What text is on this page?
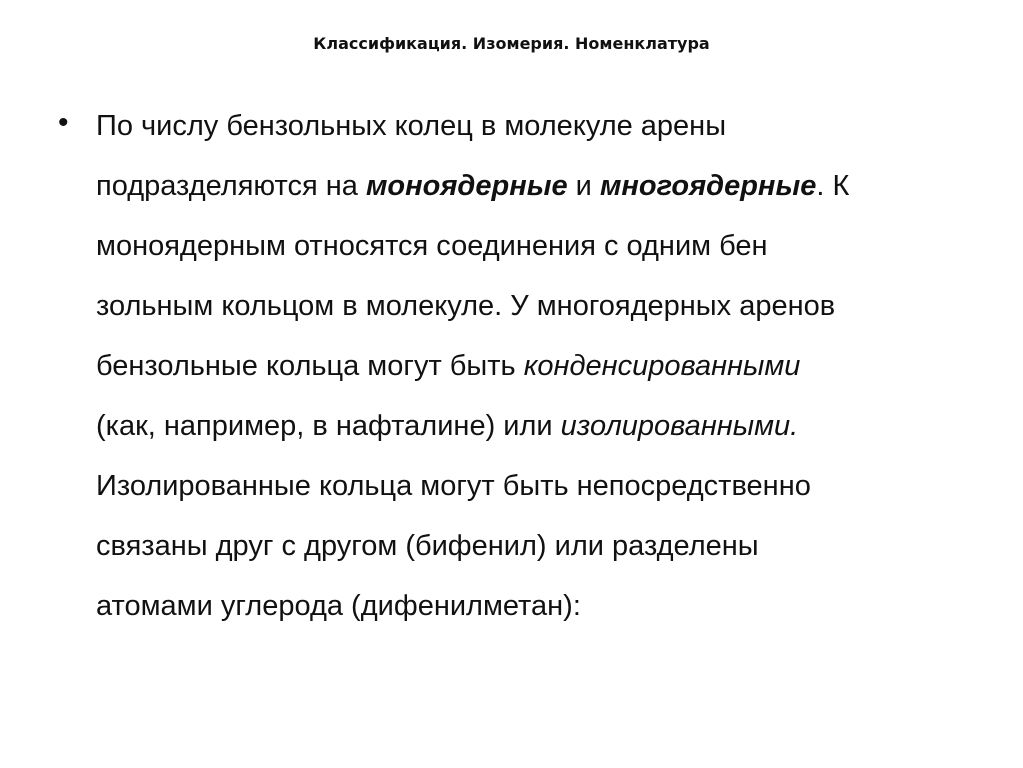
Классификация. Изомерия. Номенклатура
• По числу бензольных колец в молекуле арены
подразделяются на моноядерные и многоядерные. К
моноядерным относятся соединения с одним бен
зольным кольцом в молекуле. У многоядерных аренов
бензольные кольца могут быть конденсированными
(как, например, в нафталине) или изолированными.
Изолированные кольца могут быть непосредственно
связаны друг с другом (бифенил) или разделены
атомами углерода (дифенилметан):
